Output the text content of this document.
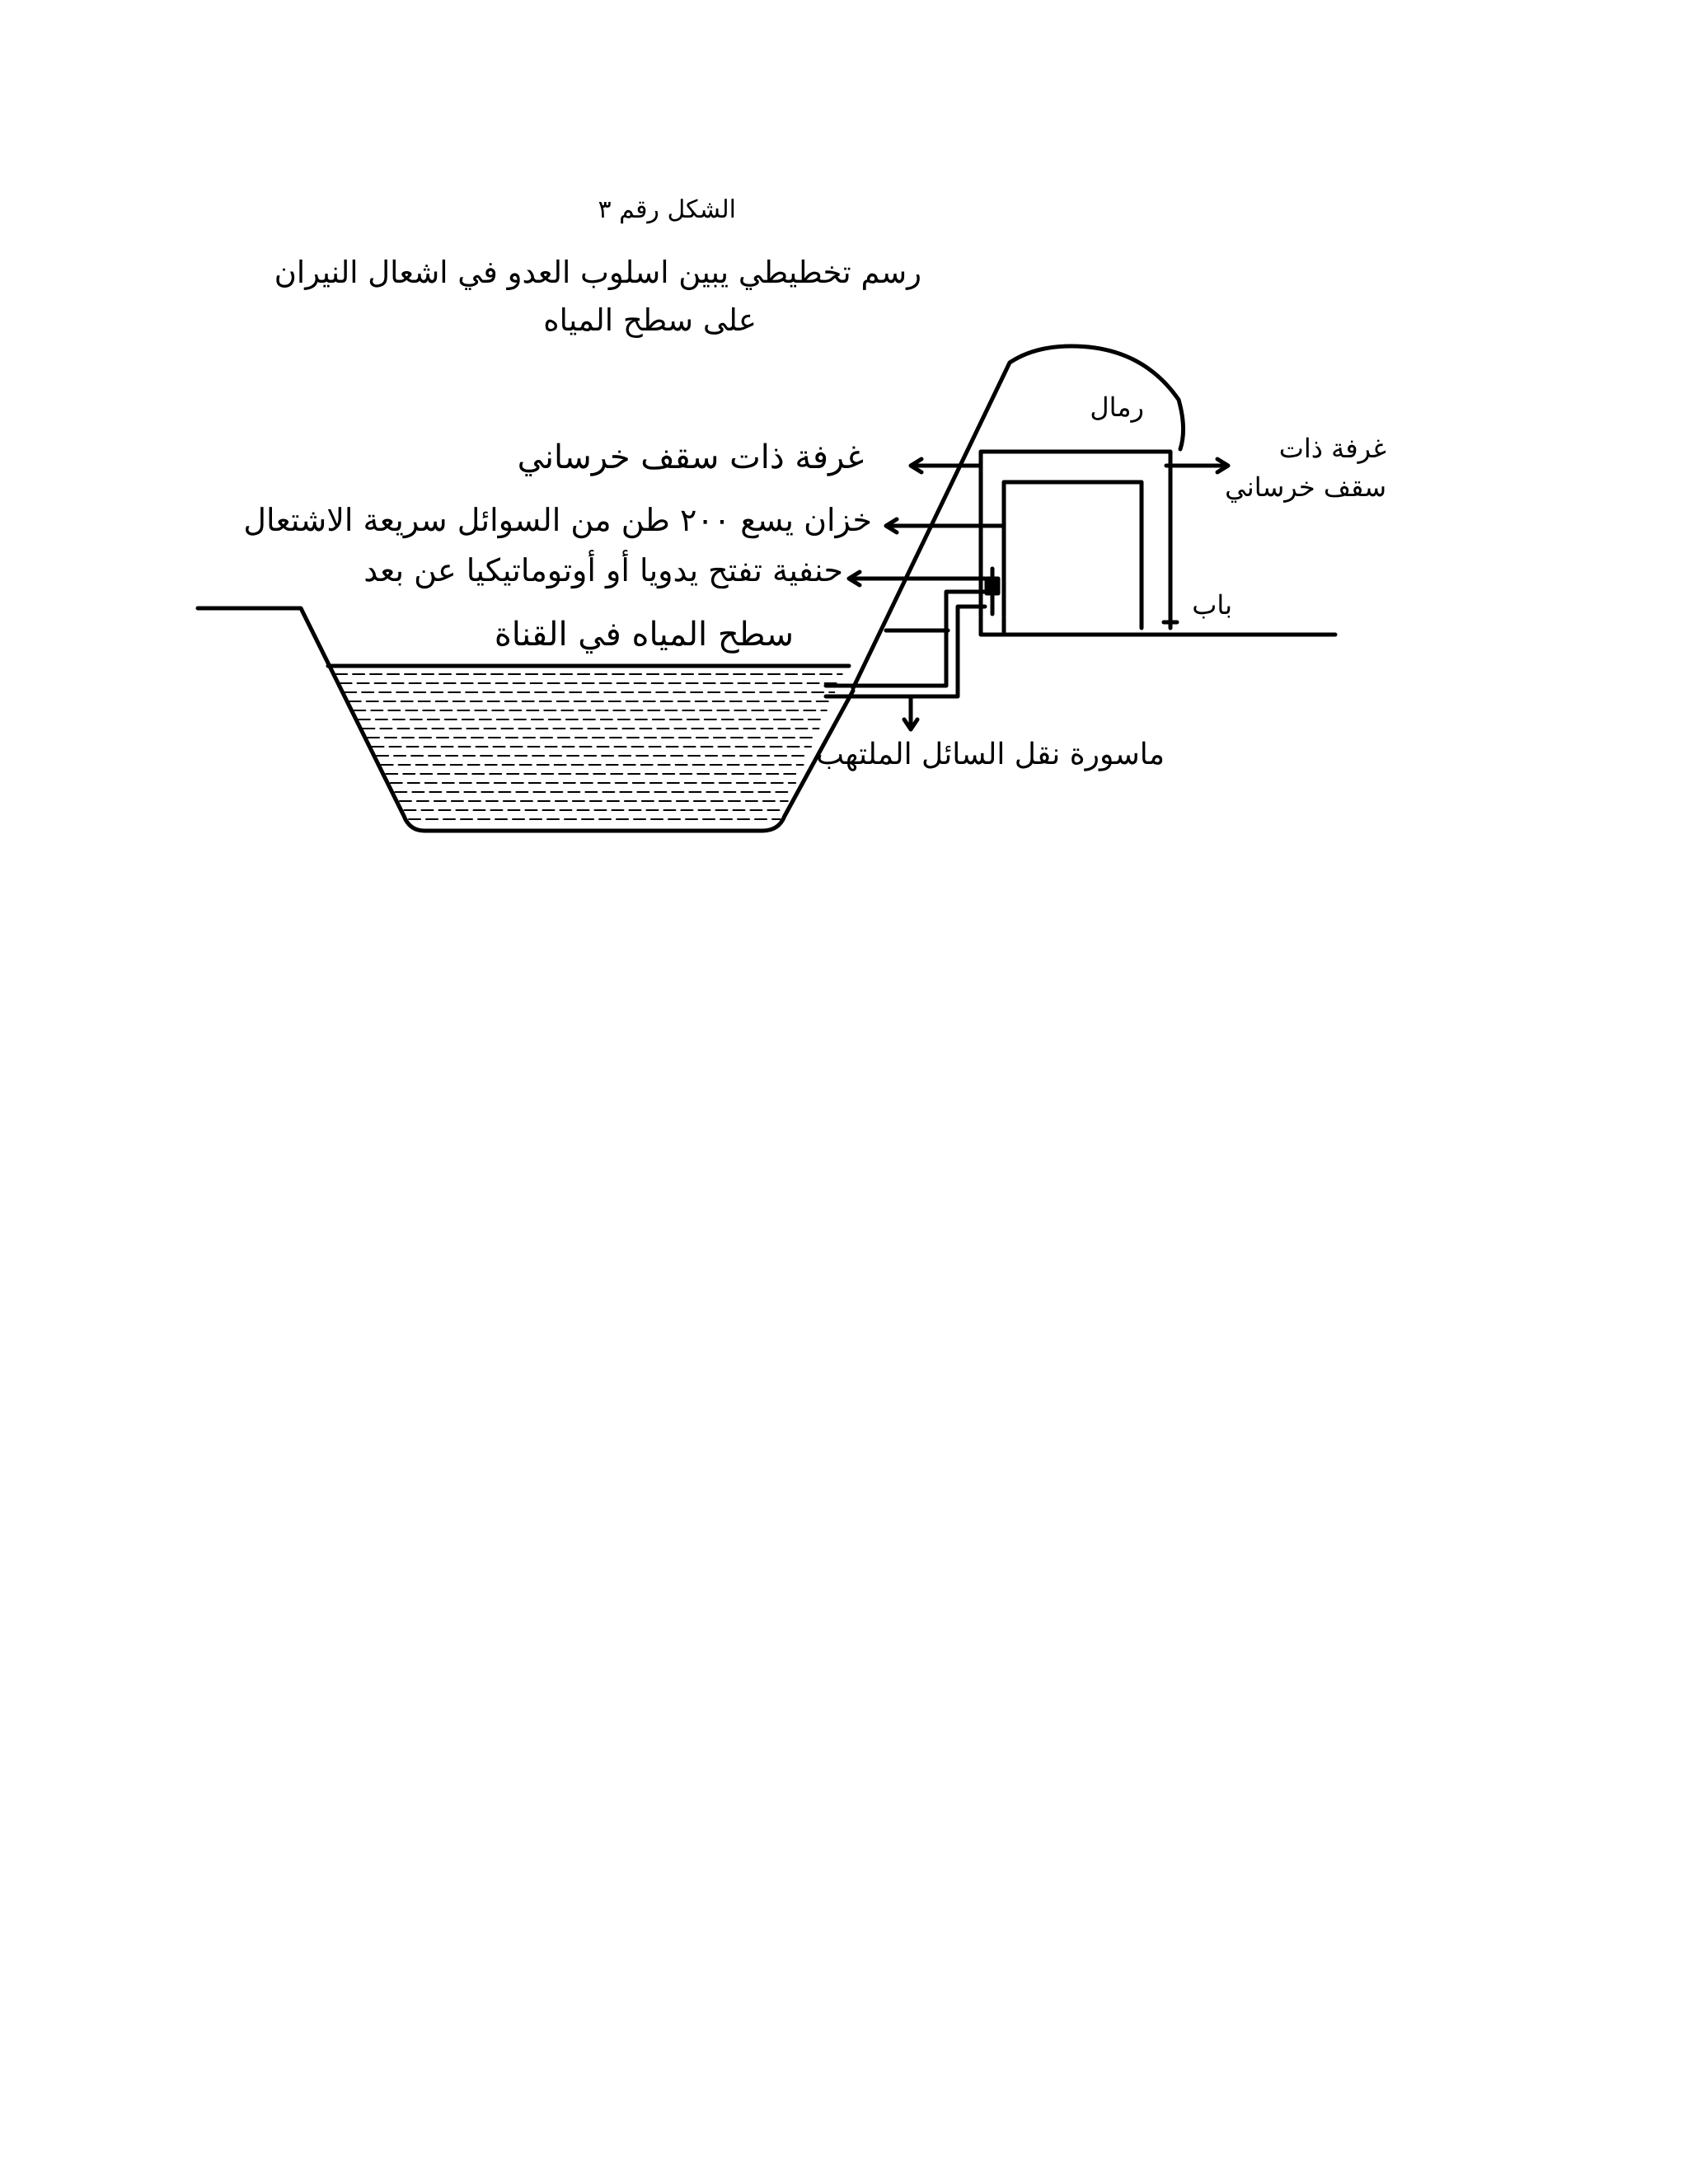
الشكل رقم ٣
رسم تخطيطي يبين اسلوب العدو في اشعال النيران
على سطح المياه
رمال
غرفة ذات سقف خرساني	غرفة ذات
سقف خرساني
خزان يسع ٢٠٠ طن من السوائل سريعة الاشتعال
حنفية تفتح يدويا أو أوتوماتيكيا عن بعد
سطح المياه في القناة
باب
ماسورة نقل السائل الملتهب
